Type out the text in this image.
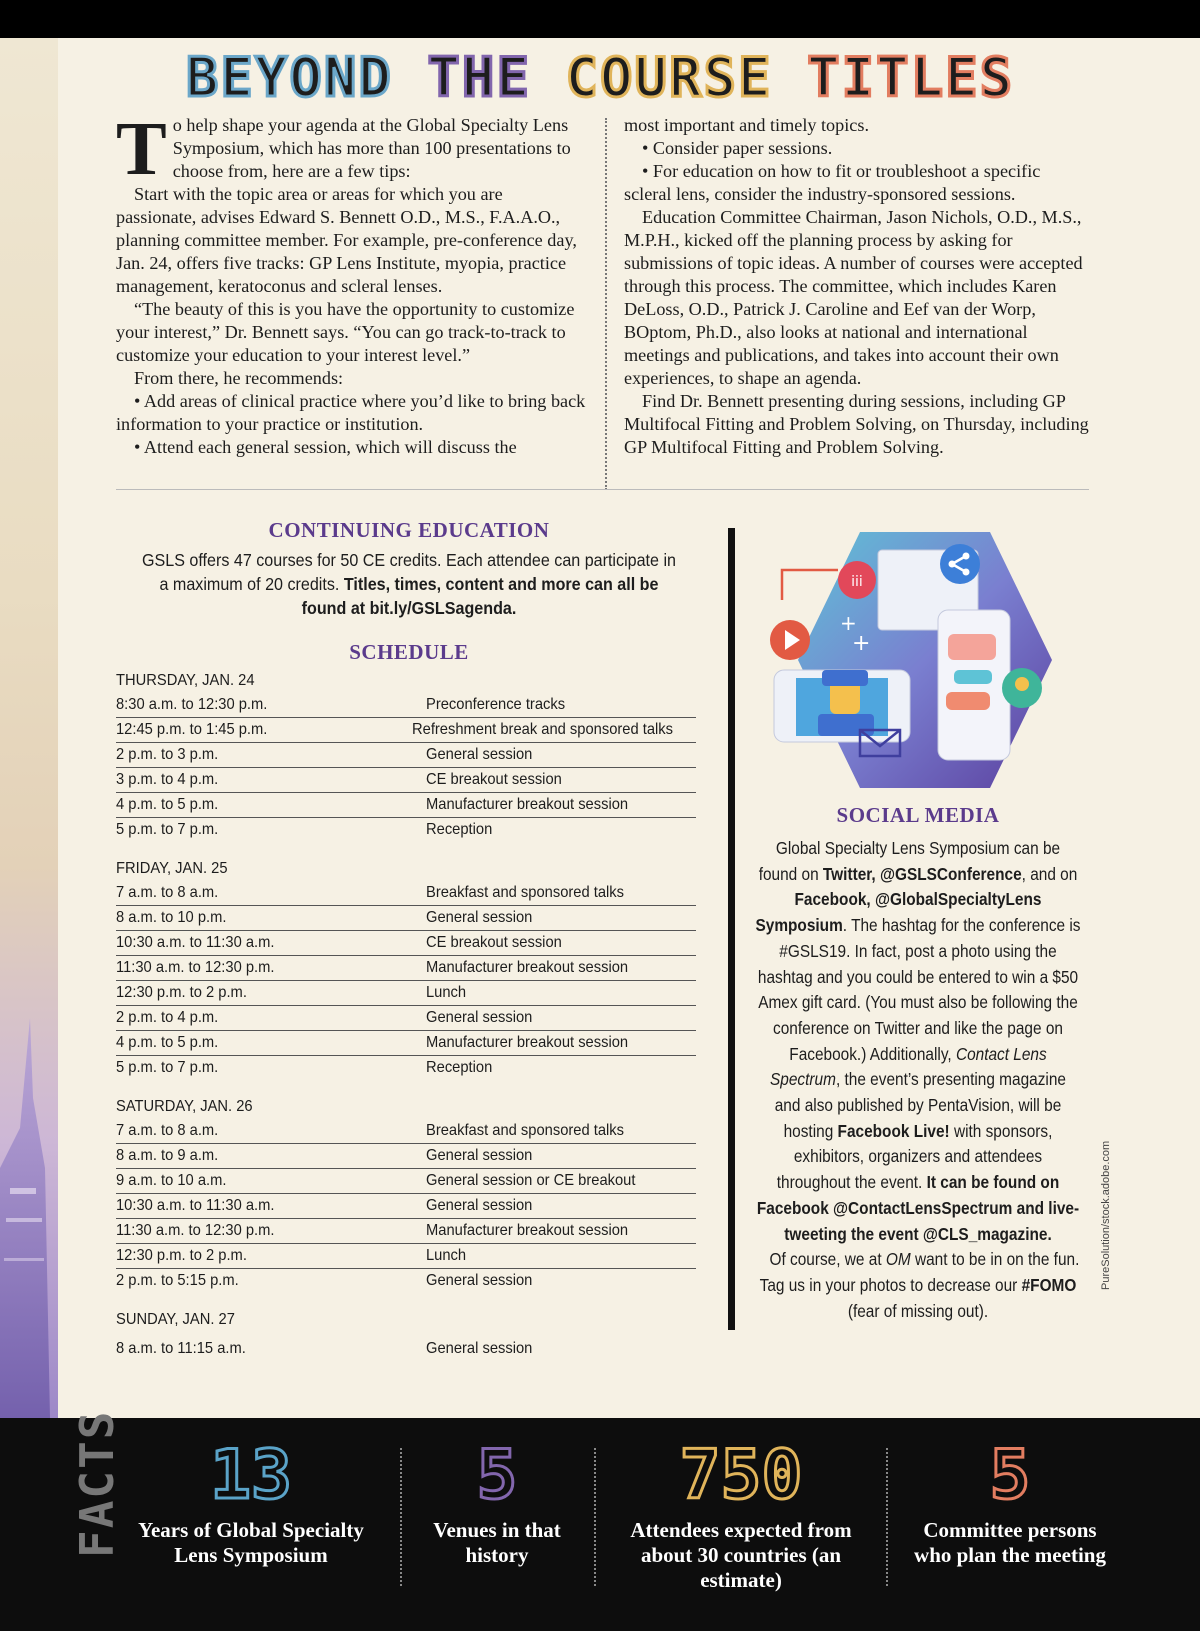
BEYOND THE COURSE TITLES
T o help shape your agenda at the Global Specialty Lens Symposium, which has more than 100 presentations to choose from, here are a few tips:

Start with the topic area or areas for which you are passionate, advises Edward S. Bennett O.D., M.S., F.A.A.O., planning committee member. For example, pre-conference day, Jan. 24, offers five tracks: GP Lens Institute, myopia, practice management, keratoconus and scleral lenses.

“The beauty of this is you have the opportunity to customize your interest,” Dr. Bennett says. “You can go track-to-track to customize your education to your interest level.”

From there, he recommends:

• Add areas of clinical practice where you’d like to bring back information to your practice or institution.

• Attend each general session, which will discuss the

most important and timely topics.

• Consider paper sessions.

• For education on how to fit or troubleshoot a specific scleral lens, consider the industry-sponsored sessions.

Education Committee Chairman, Jason Nichols, O.D., M.S., M.P.H., kicked off the planning process by asking for submissions of topic ideas. A number of courses were accepted through this process. The committee, which includes Karen DeLoss, O.D., Patrick J. Caroline and Eef van der Worp, BOptom, Ph.D., also looks at national and international meetings and publications, and takes into account their own experiences, to shape an agenda.

Find Dr. Bennett presenting during sessions, including GP Multifocal Fitting and Problem Solving, on Thursday, including GP Multifocal Fitting and Problem Solving.

CONTINUING EDUCATION
GSLS offers 47 courses for 50 CE credits. Each attendee can participate in a maximum of 20 credits. Titles, times, content and more can all be found at bit.ly/GSLSagenda.
SCHEDULE
THURSDAY, JAN. 24
8:30 a.m. to 12:30 p.m.	Preconference tracks
12:45 p.m. to 1:45 p.m.	Refreshment break and sponsored talks
2 p.m. to 3 p.m.	General session
3 p.m. to 4 p.m.	CE breakout session
4 p.m. to 5 p.m.	Manufacturer breakout session
5 p.m. to 7 p.m.	Reception
FRIDAY, JAN. 25
7 a.m. to 8 a.m.	Breakfast and sponsored talks
8 a.m. to 10 p.m.	General session
10:30 a.m. to 11:30 a.m.	CE breakout session
11:30 a.m. to 12:30 p.m.	Manufacturer breakout session
12:30 p.m. to 2 p.m.	Lunch
2 p.m. to 4 p.m.	General session
4 p.m. to 5 p.m.	Manufacturer breakout session
5 p.m. to 7 p.m.	Reception
SATURDAY, JAN. 26
7 a.m. to 8 a.m.	Breakfast and sponsored talks
8 a.m. to 9 a.m.	General session
9 a.m. to 10 a.m.	General session or CE breakout
10:30 a.m. to 11:30 a.m.	General session
11:30 a.m. to 12:30 p.m.	Manufacturer breakout session
12:30 p.m. to 2 p.m.	Lunch
2 p.m. to 5:15 p.m.	General session
SUNDAY, JAN. 27
8 a.m. to 11:15 a.m.	General session
iii
+
+
SOCIAL MEDIA
Global Specialty Lens Symposium can be found on Twitter, @GSLSConference, and on Facebook, @GlobalSpecialtyLens Symposium. The hashtag for the conference is #GSLS19. In fact, post a photo using the hashtag and you could be entered to win a $50 Amex gift card. (You must also be following the conference on Twitter and like the page on Facebook.) Additionally, Contact Lens Spectrum, the event’s presenting magazine and also published by PentaVision, will be hosting Facebook Live! with sponsors, exhibitors, organizers and attendees throughout the event. It can be found on Facebook @ContactLensSpectrum and live-tweeting the event @CLS_magazine.
Of course, we at OM want to be in on the fun. Tag us in your photos to decrease our #FOMO (fear of missing out).
PureSolution/stock.adobe.com
FACTS	13
Years of Global Specialty Lens Symposium
5
Venues in that history
750
Attendees expected from about 30 countries (an estimate)
5
Committee persons who plan the meeting
